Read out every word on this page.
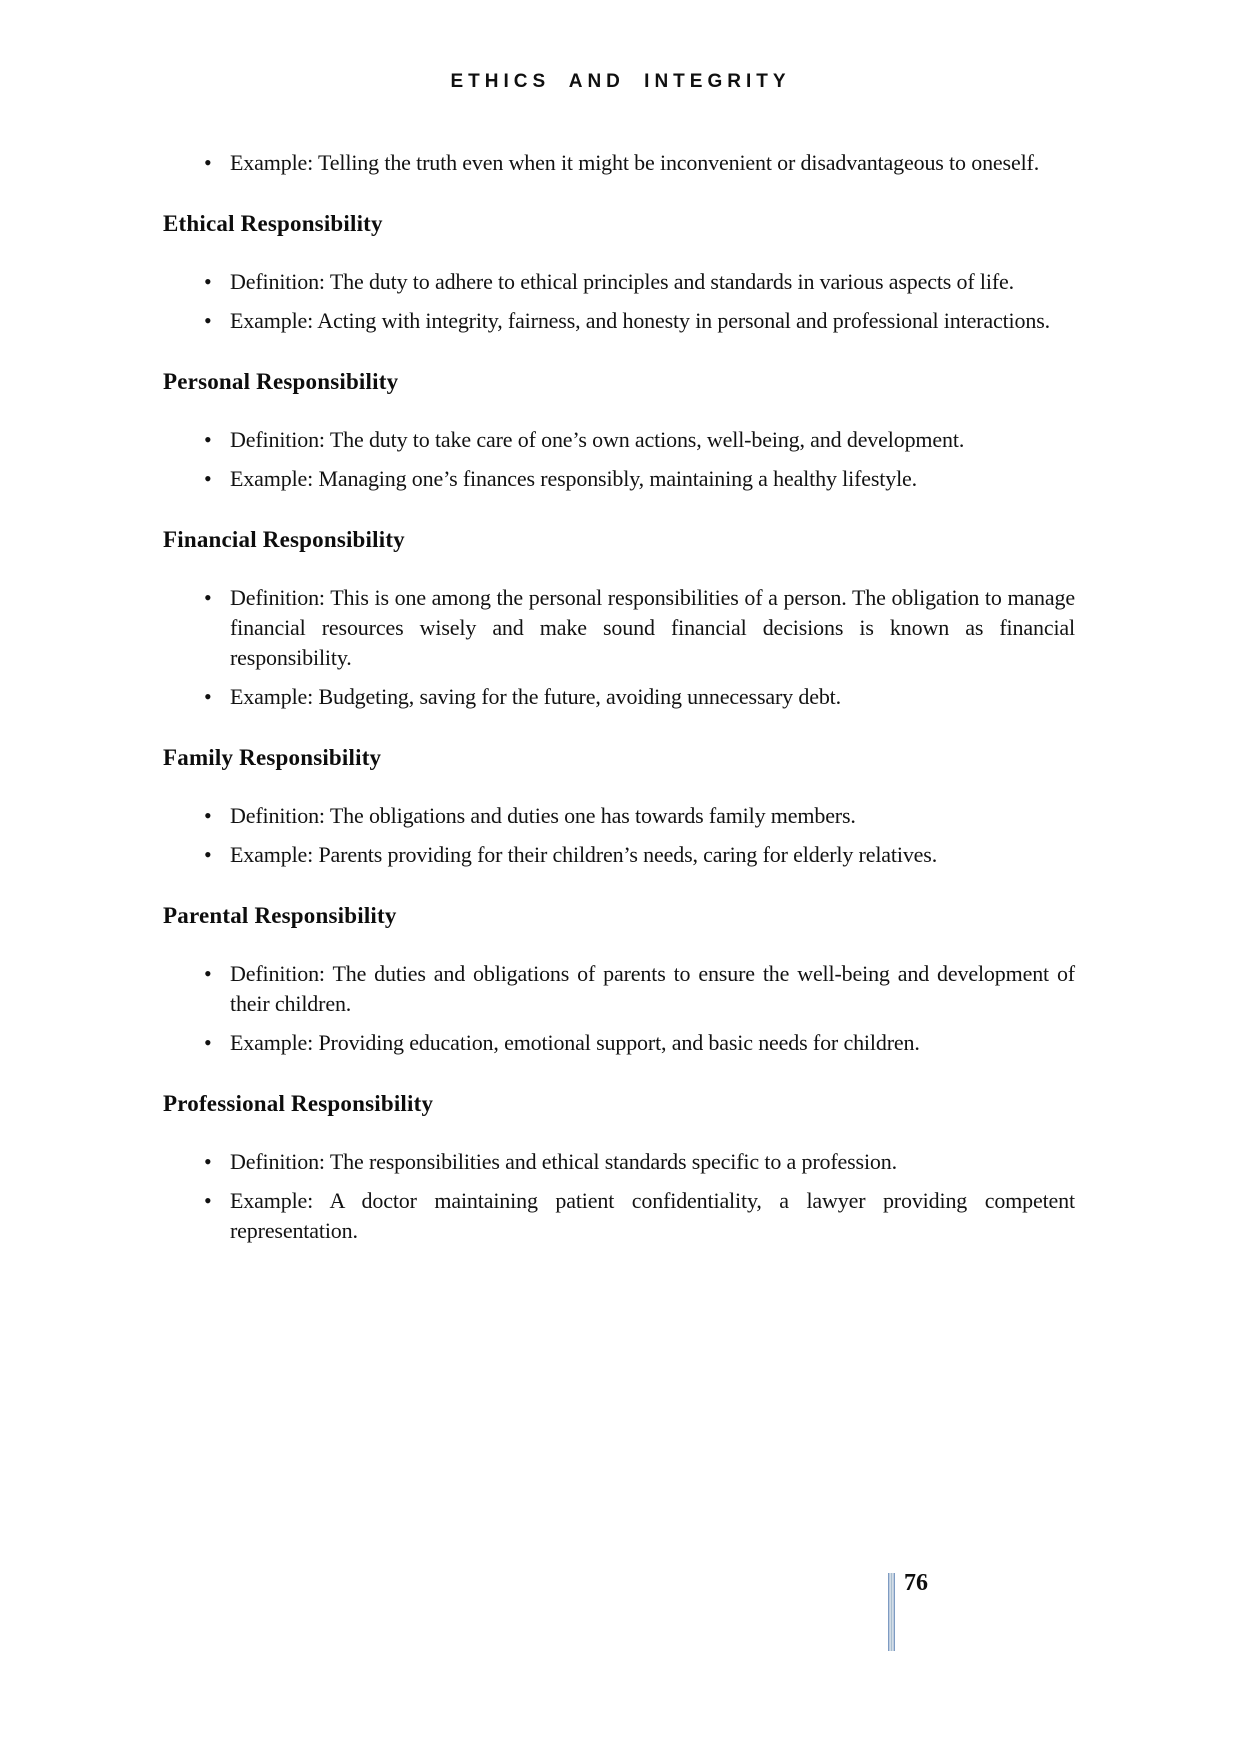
ETHICS AND INTEGRITY
• Example: Telling the truth even when it might be inconvenient or disadvantageous to oneself.
Ethical Responsibility
• Definition: The duty to adhere to ethical principles and standards in various aspects of life.
• Example: Acting with integrity, fairness, and honesty in personal and professional interactions.
Personal Responsibility
• Definition: The duty to take care of one’s own actions, well-being, and development.
• Example: Managing one’s finances responsibly, maintaining a healthy lifestyle.
Financial Responsibility
• Definition: This is one among the personal responsibilities of a person. The obligation to manage financial resources wisely and make sound financial decisions is known as financial responsibility.
• Example: Budgeting, saving for the future, avoiding unnecessary debt.
Family Responsibility
• Definition: The obligations and duties one has towards family members.
• Example: Parents providing for their children’s needs, caring for elderly relatives.
Parental Responsibility
• Definition: The duties and obligations of parents to ensure the well-being and development of their children.
• Example: Providing education, emotional support, and basic needs for children.
Professional Responsibility
• Definition: The responsibilities and ethical standards specific to a profession.
• Example: A doctor maintaining patient confidentiality, a lawyer providing competent representation.
76
